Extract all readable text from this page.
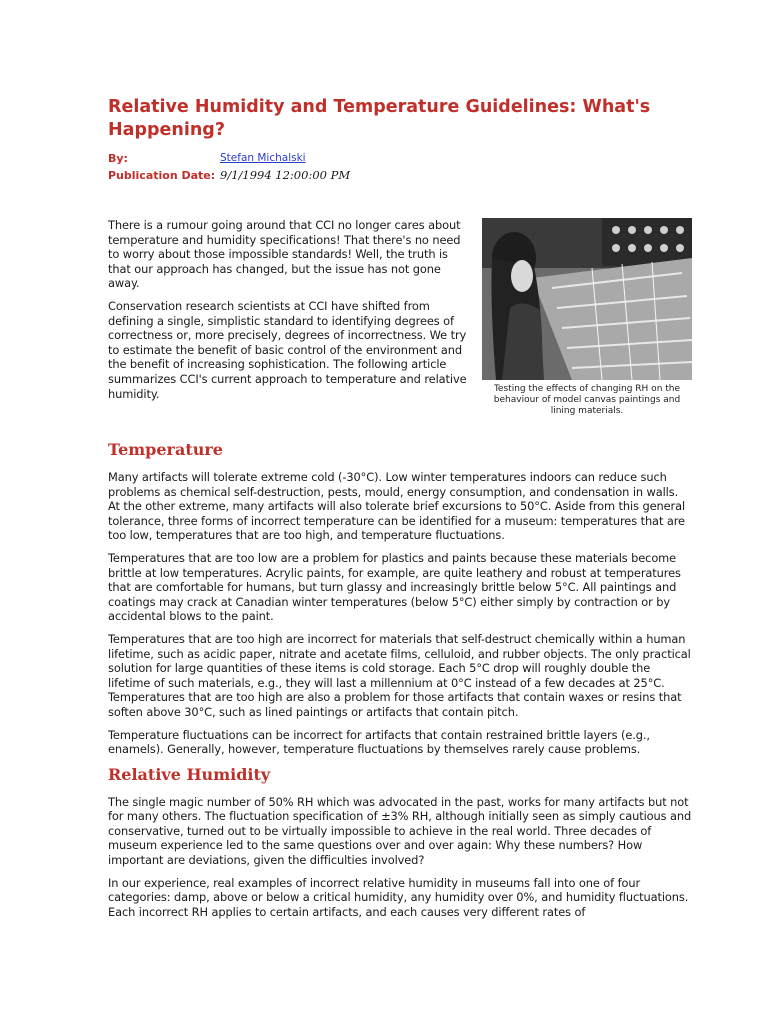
Relative Humidity and Temperature Guidelines: What's Happening?
By:	Stefan Michalski
Publication Date: 9/1/1994 12:00:00 PM

There is a rumour going around that CCI no longer cares about temperature and humidity specifications! That there's no need to worry about those impossible standards! Well, the truth is that our approach has changed, but the issue has not gone away.

Conservation research scientists at CCI have shifted from defining a single, simplistic standard to identifying degrees of correctness or, more precisely, degrees of incorrectness. We try to estimate the benefit of basic control of the environment and the benefit of increasing sophistication. The following article summarizes CCI's current approach to temperature and relative humidity.	Testing the effects of changing RH on the behaviour of model canvas paintings and lining materials.
Temperature

Many artifacts will tolerate extreme cold (-30°C). Low winter temperatures indoors can reduce such problems as chemical self-destruction, pests, mould, energy consumption, and condensation in walls. At the other extreme, many artifacts will also tolerate brief excursions to 50°C. Aside from this general tolerance, three forms of incorrect temperature can be identified for a museum: temperatures that are too low, temperatures that are too high, and temperature fluctuations.

Temperatures that are too low are a problem for plastics and paints because these materials become brittle at low temperatures. Acrylic paints, for example, are quite leathery and robust at temperatures that are comfortable for humans, but turn glassy and increasingly brittle below 5°C. All paintings and coatings may crack at Canadian winter temperatures (below 5°C) either simply by contraction or by accidental blows to the paint.

Temperatures that are too high are incorrect for materials that self-destruct chemically within a human lifetime, such as acidic paper, nitrate and acetate films, celluloid, and rubber objects. The only practical solution for large quantities of these items is cold storage. Each 5°C drop will roughly double the lifetime of such materials, e.g., they will last a millennium at 0°C instead of a few decades at 25°C. Temperatures that are too high are also a problem for those artifacts that contain waxes or resins that soften above 30°C, such as lined paintings or artifacts that contain pitch.

Temperature fluctuations can be incorrect for artifacts that contain restrained brittle layers (e.g., enamels). Generally, however, temperature fluctuations by themselves rarely cause problems.

Relative Humidity

The single magic number of 50% RH which was advocated in the past, works for many artifacts but not for many others. The fluctuation specification of ±3% RH, although initially seen as simply cautious and conservative, turned out to be virtually impossible to achieve in the real world. Three decades of museum experience led to the same questions over and over again: Why these numbers? How important are deviations, given the difficulties involved?

In our experience, real examples of incorrect relative humidity in museums fall into one of four categories: damp, above or below a critical humidity, any humidity over 0%, and humidity fluctuations. Each incorrect RH applies to certain artifacts, and each causes very different rates of
